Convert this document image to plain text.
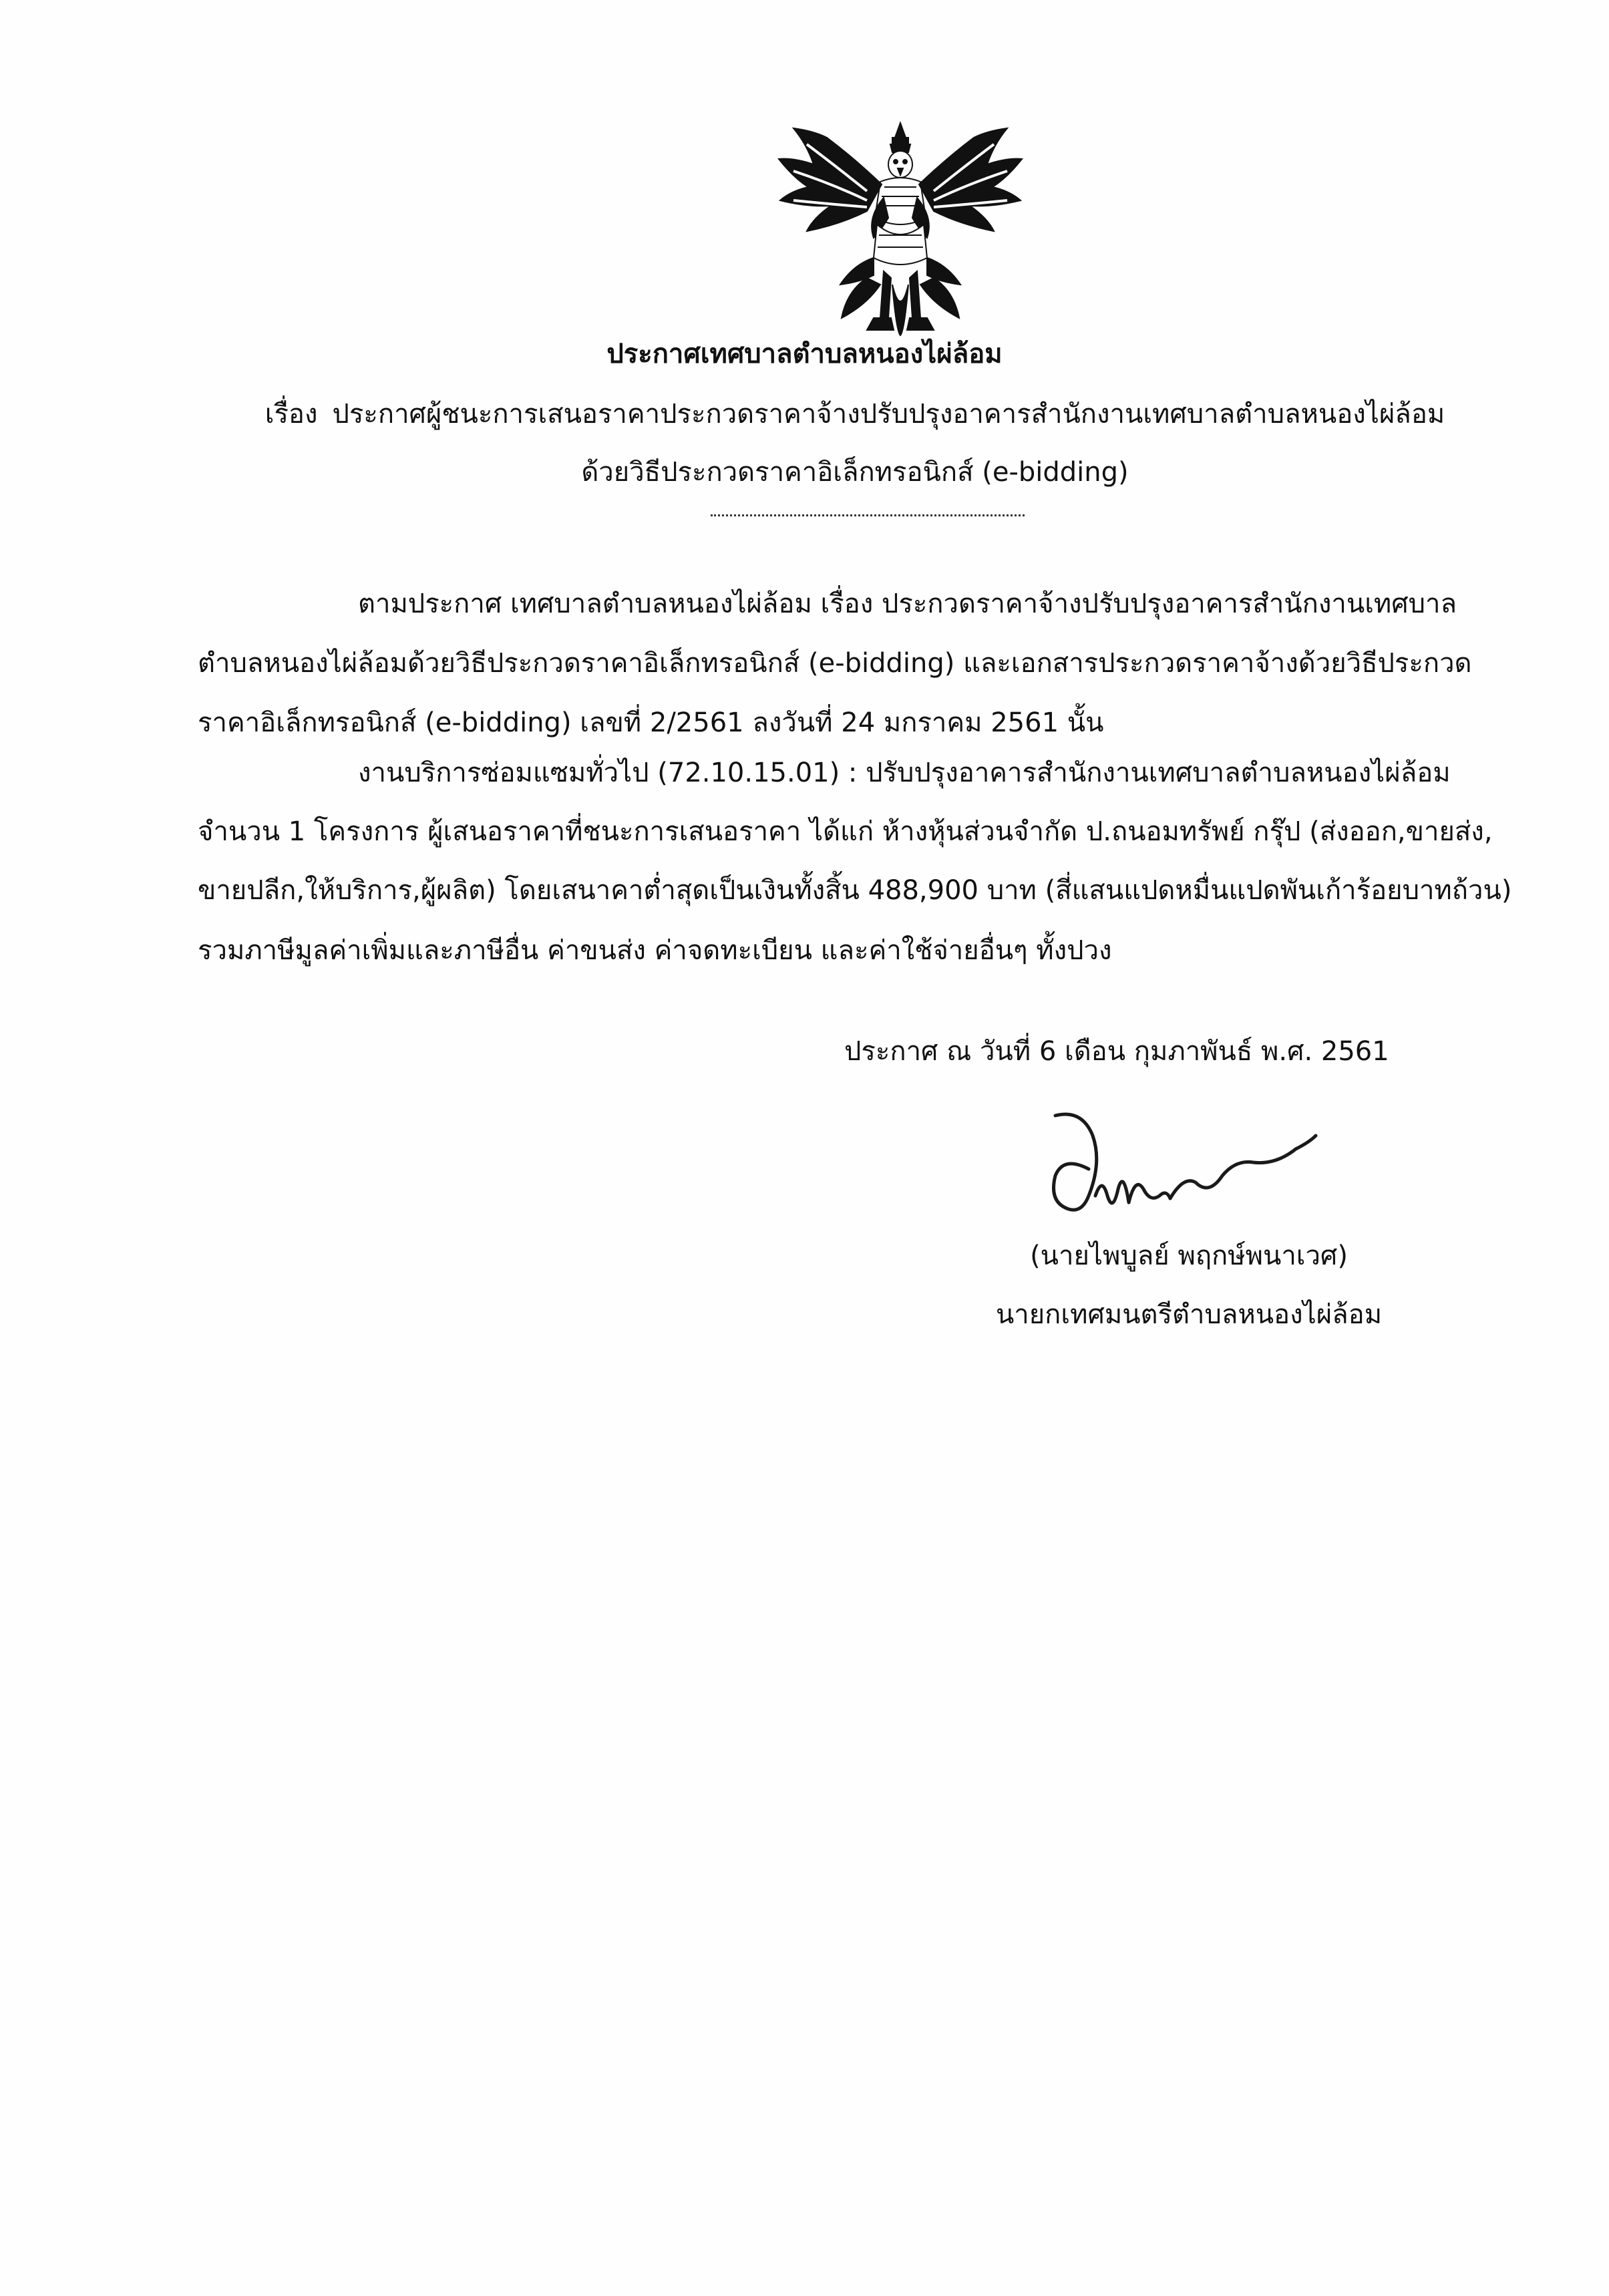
ประกาศเทศบาลตำบลหนองไผ่ล้อม
เรื่อง ประกาศผู้ชนะการเสนอราคาประกวดราคาจ้างปรับปรุงอาคารสำนักงานเทศบาลตำบลหนองไผ่ล้อม
ด้วยวิธีประกวดราคาอิเล็กทรอนิกส์ (e-bidding)
ตามประกาศ เทศบาลตำบลหนองไผ่ล้อม เรื่อง ประกวดราคาจ้างปรับปรุงอาคารสำนักงานเทศบาล
ตำบลหนองไผ่ล้อมด้วยวิธีประกวดราคาอิเล็กทรอนิกส์ (e-bidding) และเอกสารประกวดราคาจ้างด้วยวิธีประกวด
ราคาอิเล็กทรอนิกส์ (e-bidding) เลขที่ 2/2561 ลงวันที่ 24 มกราคม 2561 นั้น
งานบริการซ่อมแซมทั่วไป (72.10.15.01) : ปรับปรุงอาคารสำนักงานเทศบาลตำบลหนองไผ่ล้อม
จำนวน 1 โครงการ ผู้เสนอราคาที่ชนะการเสนอราคา ได้แก่ ห้างหุ้นส่วนจำกัด ป.ถนอมทรัพย์ กรุ๊ป (ส่งออก,ขายส่ง,
ขายปลีก,ให้บริการ,ผู้ผลิต) โดยเสนาคาต่ำสุดเป็นเงินทั้งสิ้น 488,900 บาท (สี่แสนแปดหมื่นแปดพันเก้าร้อยบาทถ้วน)
รวมภาษีมูลค่าเพิ่มและภาษีอื่น ค่าขนส่ง ค่าจดทะเบียน และค่าใช้จ่ายอื่นๆ ทั้งปวง
ประกาศ ณ วันที่ 6 เดือน กุมภาพันธ์ พ.ศ. 2561
(นายไพบูลย์ พฤกษ์พนาเวศ)
นายกเทศมนตรีตำบลหนองไผ่ล้อม
